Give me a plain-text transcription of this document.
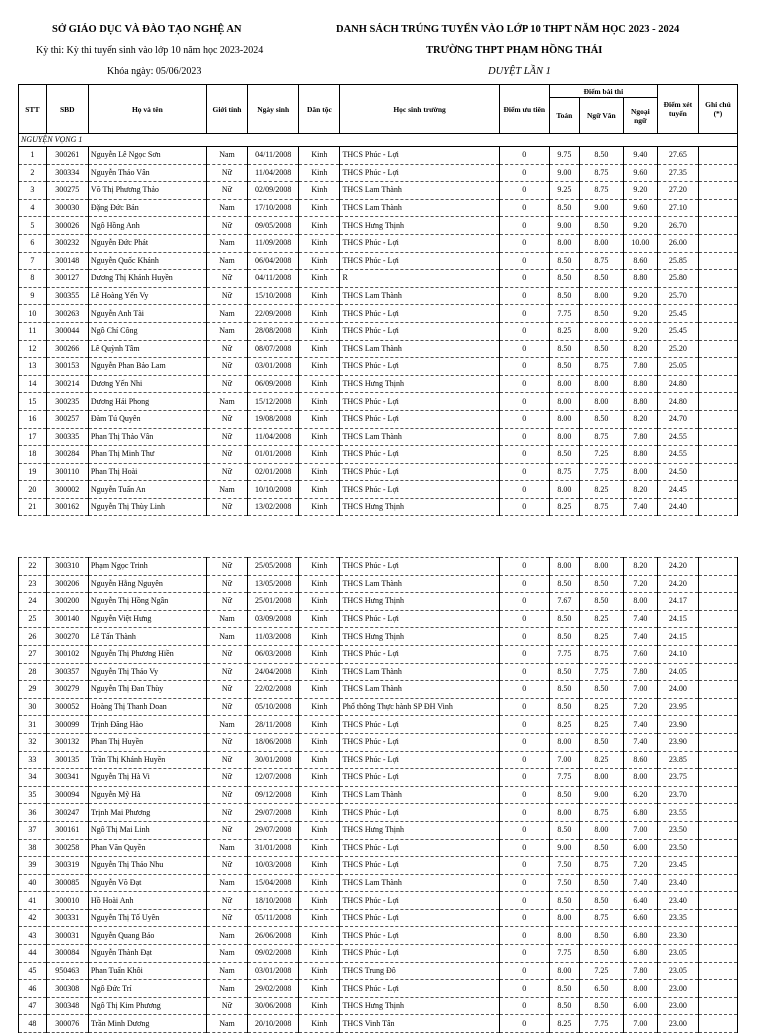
SỞ GIÁO DỤC VÀ ĐÀO TẠO NGHỆ AN
Kỳ thi: Kỳ thi tuyển sinh vào lớp 10 năm học 2023-2024
Khóa ngày: 05/06/2023
DANH SÁCH TRÚNG TUYỂN VÀO LỚP 10 THPT NĂM HỌC 2023 - 2024
TRƯỜNG THPT PHẠM HỒNG THÁI
DUYỆT LẦN 1
STT	SBD	Họ và tên	Giới tính	Ngày sinh	Dân tộc	Học sinh trường	Điểm ưu tiên	Điểm bài thi			Điểm xét tuyển	Ghi chú (*)
								Toán	Ngữ Văn	Ngoại ngữ		
NGUYỆN VỌNG 1												
1	300261	Nguyễn Lê Ngọc Sơn	Nam	04/11/2008	Kinh	THCS Phúc - Lợi	0	9.75	8.50	9.40	27.65	
2	300334	Nguyễn Thảo Vân	Nữ	11/04/2008	Kinh	THCS Phúc - Lợi	0	9.00	8.75	9.60	27.35	
3	300275	Võ Thị Phương Thảo	Nữ	02/09/2008	Kinh	THCS Lam Thành	0	9.25	8.75	9.20	27.20	
4	300030	Đặng Đức Bản	Nam	17/10/2008	Kinh	THCS Lam Thành	0	8.50	9.00	9.60	27.10	
5	300026	Ngô Hồng Anh	Nữ	09/05/2008	Kinh	THCS Hưng Thịnh	0	9.00	8.50	9.20	26.70	
6	300232	Nguyễn Đức Phát	Nam	11/09/2008	Kinh	THCS Phúc - Lợi	0	8.00	8.00	10.00	26.00	
7	300148	Nguyễn Quốc Khánh	Nam	06/04/2008	Kinh	THCS Phúc - Lợi	0	8.50	8.75	8.60	25.85	
8	300127	Dương Thị Khánh Huyền	Nữ	04/11/2008	Kinh	R	0	8.50	8.50	8.80	25.80	
9	300355	Lê Hoàng Yến Vy	Nữ	15/10/2008	Kinh	THCS Lam Thành	0	8.50	8.00	9.20	25.70	
10	300263	Nguyễn Anh Tài	Nam	22/09/2008	Kinh	THCS Phúc - Lợi	0	7.75	8.50	9.20	25.45	
11	300044	Ngô Chí Công	Nam	28/08/2008	Kinh	THCS Phúc - Lợi	0	8.25	8.00	9.20	25.45	
12	300266	Lê Quỳnh Tâm	Nữ	08/07/2008	Kinh	THCS Lam Thành	0	8.50	8.50	8.20	25.20	
13	300153	Nguyễn Phan Bảo Lam	Nữ	03/01/2008	Kinh	THCS Phúc - Lợi	0	8.50	8.75	7.80	25.05	
14	300214	Dương Yến Nhi	Nữ	06/09/2008	Kinh	THCS Hưng Thịnh	0	8.00	8.00	8.80	24.80	
15	300235	Dương Hải Phong	Nam	15/12/2008	Kinh	THCS Phúc - Lợi	0	8.00	8.00	8.80	24.80	
16	300257	Đàm Tú Quyên	Nữ	19/08/2008	Kinh	THCS Phúc - Lợi	0	8.00	8.50	8.20	24.70	
17	300335	Phan Thị Thảo Vân	Nữ	11/04/2008	Kinh	THCS Lam Thành	0	8.00	8.75	7.80	24.55	
18	300284	Phan Thị Minh Thư	Nữ	01/01/2008	Kinh	THCS Phúc - Lợi	0	8.50	7.25	8.80	24.55	
19	300110	Phan Thị Hoài	Nữ	02/01/2008	Kinh	THCS Phúc - Lợi	0	8.75	7.75	8.00	24.50	
20	300002	Nguyễn Tuấn An	Nam	10/10/2008	Kinh	THCS Phúc - Lợi	0	8.00	8.25	8.20	24.45	
21	300162	Nguyễn Thị Thùy Linh	Nữ	13/02/2008	Kinh	THCS Hưng Thịnh	0	8.25	8.75	7.40	24.40	
22	300310	Phạm Ngọc Trinh	Nữ	25/05/2008	Kinh	THCS Phúc - Lợi	0	8.00	8.00	8.20	24.20	
23	300206	Nguyễn Hằng Nguyên	Nữ	13/05/2008	Kinh	THCS Lam Thành	0	8.50	8.50	7.20	24.20	
24	300200	Nguyễn Thị Hồng Ngân	Nữ	25/01/2008	Kinh	THCS Hưng Thịnh	0	7.67	8.50	8.00	24.17	
25	300140	Nguyễn Việt Hưng	Nam	03/09/2008	Kinh	THCS Phúc - Lợi	0	8.50	8.25	7.40	24.15	
26	300270	Lê Tấn Thành	Nam	11/03/2008	Kinh	THCS Hưng Thịnh	0	8.50	8.25	7.40	24.15	
27	300102	Nguyễn Thị Phương Hiền	Nữ	06/03/2008	Kinh	THCS Phúc - Lợi	0	7.75	8.75	7.60	24.10	
28	300357	Nguyễn Thị Thảo Vy	Nữ	24/04/2008	Kinh	THCS Lam Thành	0	8.50	7.75	7.80	24.05	
29	300279	Nguyễn Thị Đan Thùy	Nữ	22/02/2008	Kinh	THCS Lam Thành	0	8.50	8.50	7.00	24.00	
30	300052	Hoàng Thị Thanh Doan	Nữ	05/10/2008	Kinh	Phổ thông Thực hành SP ĐH Vinh	0	8.50	8.25	7.20	23.95	
31	300099	Trịnh Đăng Hào	Nam	28/11/2008	Kinh	THCS Phúc - Lợi	0	8.25	8.25	7.40	23.90	
32	300132	Phan Thị Huyền	Nữ	18/06/2008	Kinh	THCS Phúc - Lợi	0	8.00	8.50	7.40	23.90	
33	300135	Trần Thị Khánh Huyền	Nữ	30/01/2008	Kinh	THCS Phúc - Lợi	0	7.00	8.25	8.60	23.85	
34	300341	Nguyễn Thị Hà Vi	Nữ	12/07/2008	Kinh	THCS Phúc - Lợi	0	7.75	8.00	8.00	23.75	
35	300094	Nguyễn Mỹ Hà	Nữ	09/12/2008	Kinh	THCS Lam Thành	0	8.50	9.00	6.20	23.70	
36	300247	Trịnh Mai Phương	Nữ	29/07/2008	Kinh	THCS Phúc - Lợi	0	8.00	8.75	6.80	23.55	
37	300161	Ngô Thị Mai Linh	Nữ	29/07/2008	Kinh	THCS Hưng Thịnh	0	8.50	8.00	7.00	23.50	
38	300258	Phan Văn Quyền	Nam	31/01/2008	Kinh	THCS Phúc - Lợi	0	9.00	8.50	6.00	23.50	
39	300319	Nguyễn Thị Thảo Nhu	Nữ	10/03/2008	Kinh	THCS Phúc - Lợi	0	7.50	8.75	7.20	23.45	
40	300085	Nguyễn Võ Đạt	Nam	15/04/2008	Kinh	THCS Lam Thành	0	7.50	8.50	7.40	23.40	
41	300010	Hồ Hoài Anh	Nữ	18/10/2008	Kinh	THCS Phúc - Lợi	0	8.50	8.50	6.40	23.40	
42	300331	Nguyễn Thị Tố Uyên	Nữ	05/11/2008	Kinh	THCS Phúc - Lợi	0	8.00	8.75	6.60	23.35	
43	300031	Nguyễn Quang Bảo	Nam	26/06/2008	Kinh	THCS Phúc - Lợi	0	8.00	8.50	6.80	23.30	
44	300084	Nguyễn Thành Đạt	Nam	09/02/2008	Kinh	THCS Phúc - Lợi	0	7.75	8.50	6.80	23.05	
45	950463	Phan Tuấn Khôi	Nam	03/01/2008	Kinh	THCS Trung Đô	0	8.00	7.25	7.80	23.05	
46	300308	Ngô Đức Trí	Nam	29/02/2008	Kinh	THCS Phúc - Lợi	0	8.50	6.50	8.00	23.00	
47	300348	Ngô Thị Kim Phương	Nữ	30/06/2008	Kinh	THCS Hưng Thịnh	0	8.50	8.50	6.00	23.00	
48	300076	Trần Minh Dương	Nam	20/10/2008	Kinh	THCS Vinh Tân	0	8.25	7.75	7.00	23.00	
